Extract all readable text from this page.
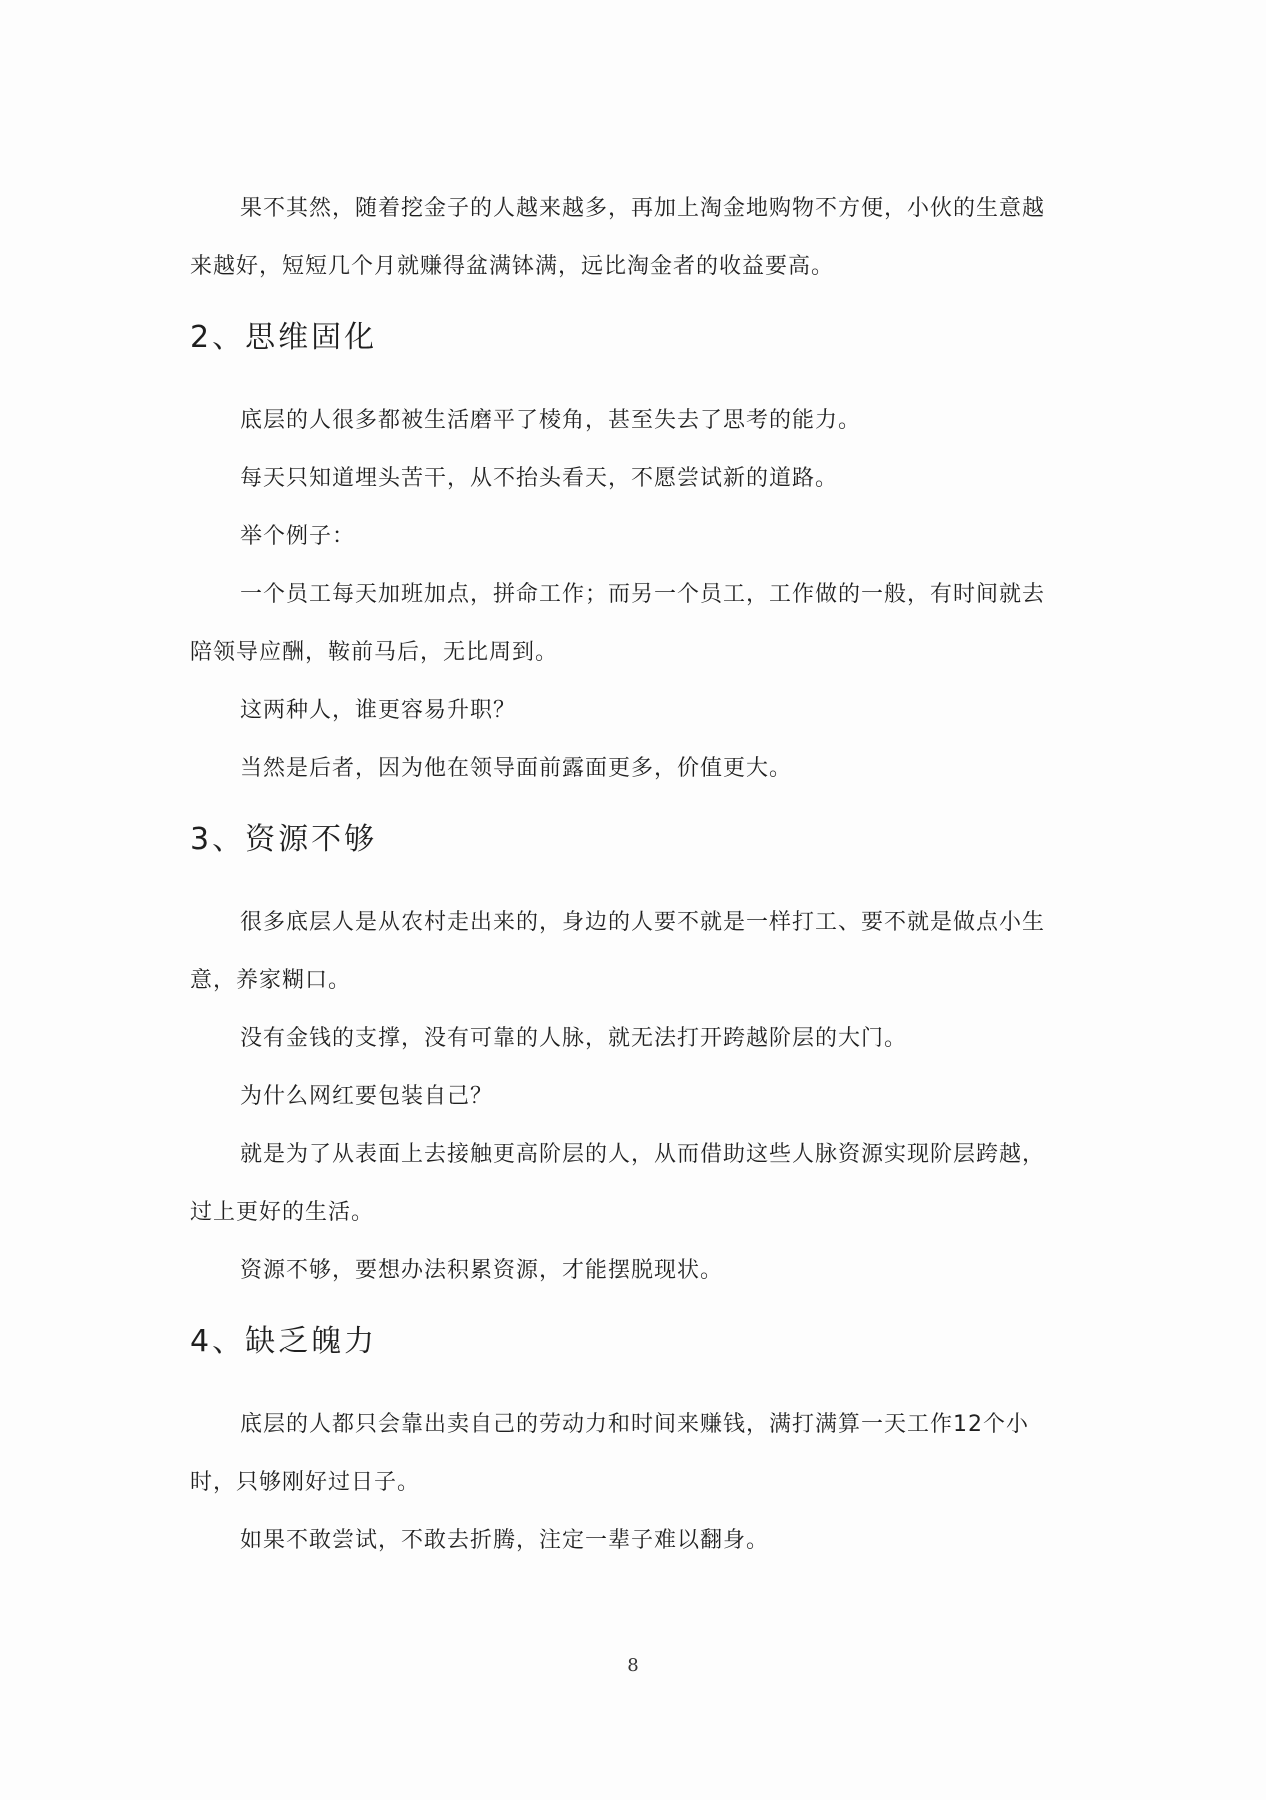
果不其然，随着挖金子的人越来越多，再加上淘金地购物不方便，小伙的生意越来越好，短短几个月就赚得盆满钵满，远比淘金者的收益要高。

2、思维固化

底层的人很多都被生活磨平了棱角，甚至失去了思考的能力。

每天只知道埋头苦干，从不抬头看天，不愿尝试新的道路。

举个例子：

一个员工每天加班加点，拼命工作；而另一个员工，工作做的一般，有时间就去陪领导应酬，鞍前马后，无比周到。

这两种人，谁更容易升职？

当然是后者，因为他在领导面前露面更多，价值更大。

3、资源不够

很多底层人是从农村走出来的，身边的人要不就是一样打工、要不就是做点小生意，养家糊口。

没有金钱的支撑，没有可靠的人脉，就无法打开跨越阶层的大门。

为什么网红要包装自己？

就是为了从表面上去接触更高阶层的人，从而借助这些人脉资源实现阶层跨越，过上更好的生活。

资源不够，要想办法积累资源，才能摆脱现状。

4、缺乏魄力

底层的人都只会靠出卖自己的劳动力和时间来赚钱，满打满算一天工作12个小时，只够刚好过日子。

如果不敢尝试，不敢去折腾，注定一辈子难以翻身。

8
